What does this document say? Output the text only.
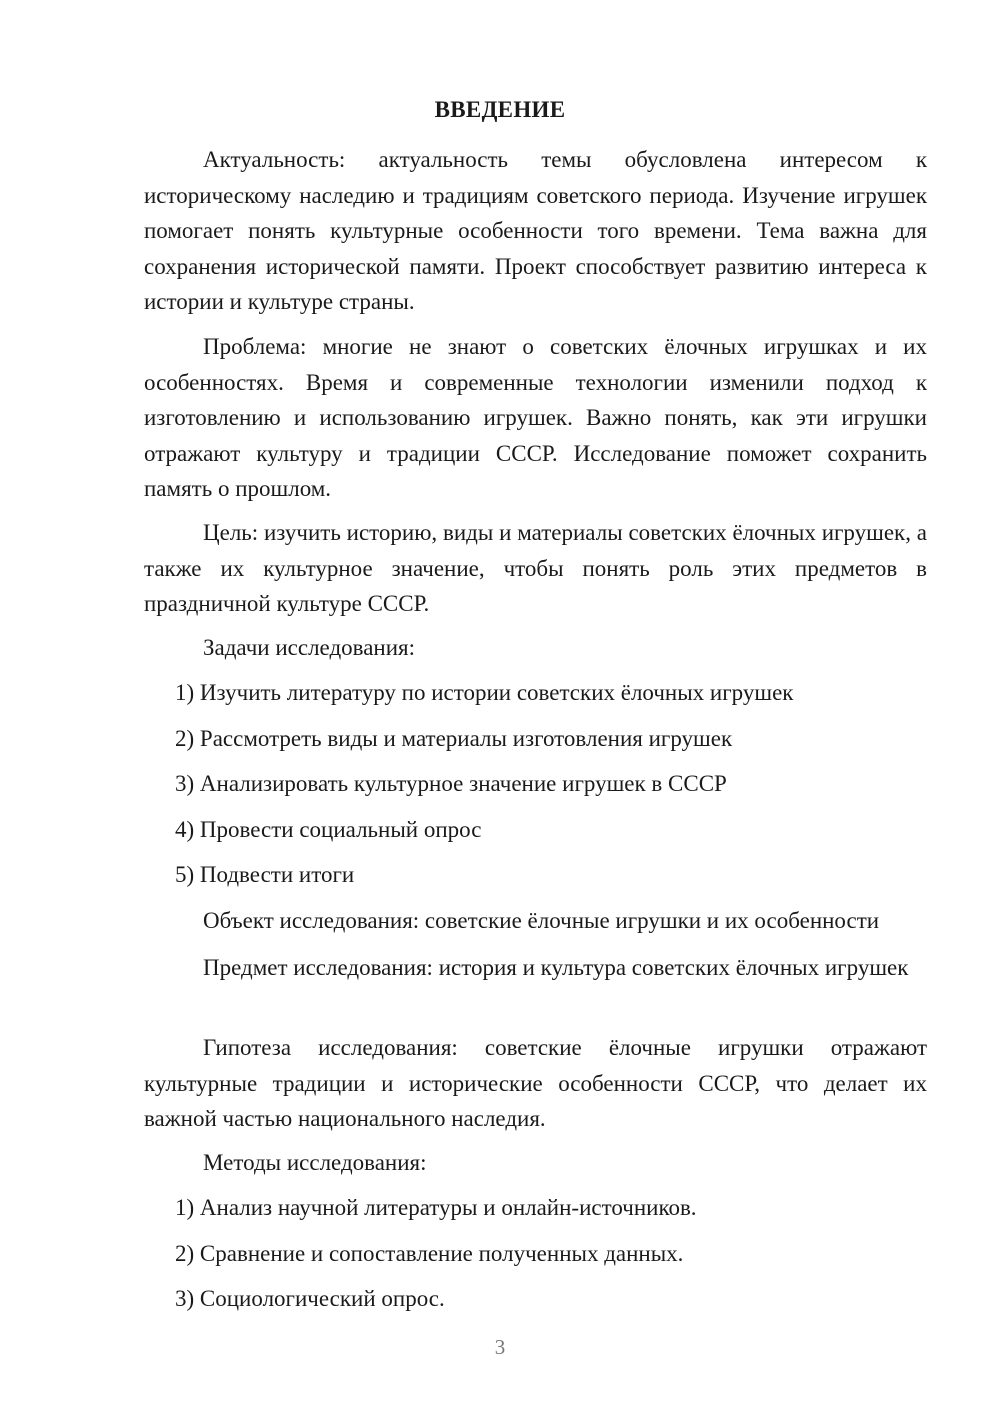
ВВЕДЕНИЕ

Актуальность: актуальность темы обусловлена интересом к историческому наследию и традициям советского периода. Изучение игрушек помогает понять культурные особенности того времени. Тема важна для сохранения исторической памяти. Проект способствует развитию интереса к истории и культуре страны.

Проблема: многие не знают о советских ёлочных игрушках и их особенностях. Время и современные технологии изменили подход к изготовлению и использованию игрушек. Важно понять, как эти игрушки отражают культуру и традиции СССР. Исследование поможет сохранить память о прошлом.

Цель: изучить историю, виды и материалы советских ёлочных игрушек, а также их культурное значение, чтобы понять роль этих предметов в праздничной культуре СССР.

Задачи исследования:

1) Изучить литературу по истории советских ёлочных игрушек

2) Рассмотреть виды и материалы изготовления игрушек

3) Анализировать культурное значение игрушек в СССР

4) Провести социальный опрос

5) Подвести итоги

Объект исследования: советские ёлочные игрушки и их особенности

Предмет исследования: история и культура советских ёлочных игрушек

Гипотеза исследования: советские ёлочные игрушки отражают культурные традиции и исторические особенности СССР, что делает их важной частью национального наследия.

Методы исследования:

1) Анализ научной литературы и онлайн-источников.

2) Сравнение и сопоставление полученных данных.

3) Социологический опрос.

3
